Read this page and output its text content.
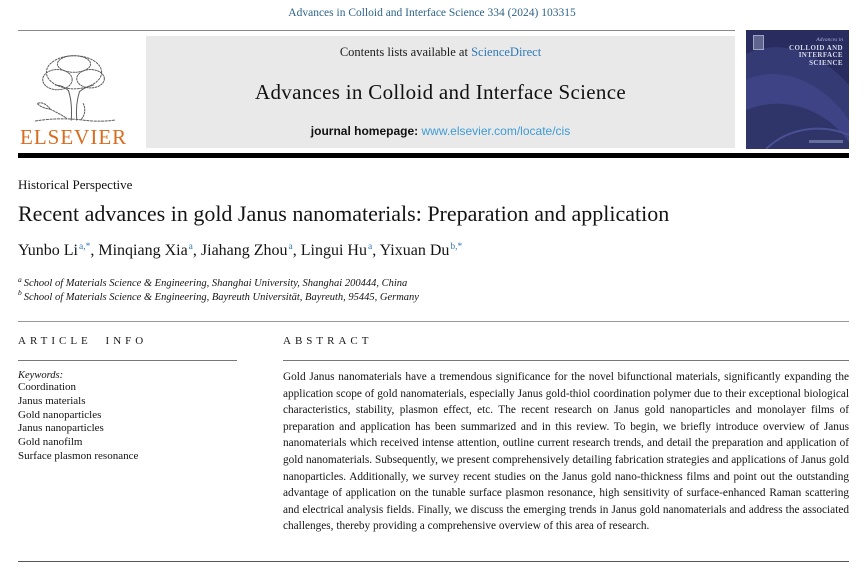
Advances in Colloid and Interface Science 334 (2024) 103315
ELSEVIER
Contents lists available at ScienceDirect
Advances in Colloid and Interface Science
journal homepage: www.elsevier.com/locate/cis
Advances in
COLLOID AND
INTERFACE
SCIENCE
Historical Perspective
Recent advances in gold Janus nanomaterials: Preparation and application
Yunbo $Li^{a,*}$, Minqiang Xia$^a$, Jiahang Zhou$^a$, Lingui Hu$^a$, Yixuan $Du^{b,*}$
$^a$ School of Materials Science & Engineering, Shanghai University, Shanghai 200444, China
$^b$ School of Materials Science & Engineering, Bayreuth Universität, Bayreuth, 95445, Germany
ARTICLE INFO
Keywords:
Coordination
Janus materials
Gold nanoparticles
Janus nanoparticles
Gold nanofilm
Surface plasmon resonance
ABSTRACT

Gold Janus nanomaterials have a tremendous significance for the novel bifunctional materials, significantly expanding the application scope of gold nanomaterials, especially Janus gold-thiol coordination polymer due to their exceptional biological characteristics, stability, plasmon effect, etc. The recent research on Janus gold nanoparticles and monolayer films of preparation and application has been summarized and in this review. To begin, we briefly introduce overview of Janus nanomaterials which received intense attention, outline current research trends, and detail the preparation and application of gold nanomaterials. Subsequently, we present comprehensively detailing fabrication strategies and applications of Janus gold nanoparticles. Additionally, we survey recent studies on the Janus gold nano-thickness films and point out the outstanding advantage of application on the tunable surface plasmon resonance, high sensitivity of surface-enhanced Raman scattering and electrical analysis fields. Finally, we discuss the emerging trends in Janus gold nanomaterials and address the associated challenges, thereby providing a comprehensive overview of this area of research.
